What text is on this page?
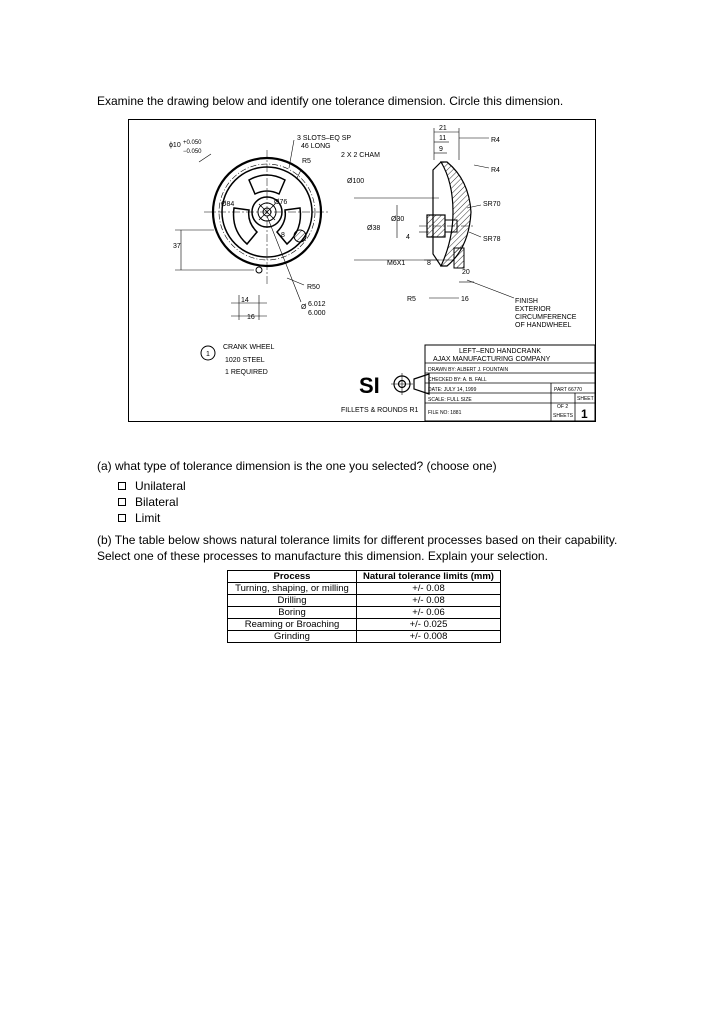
Examine the drawing below and identify one tolerance dimension. Circle this dimension.
ϕ10 +0.050
−0.050
3 SLOTS–EQ SP
46 LONG
R5
2 X 2 CHAM
Ø84	Ø76
Ø100
Ø30
Ø38
4
M6X1	8
8
37
R50
14
16
Ø 6.012
6.000
21
11
9
R4
R4
SR70
SR78
20
R5	16	FINISH
EXTERIOR
CIRCUMFERENCE
OF HANDWHEEL
1
CRANK WHEEL
1020 STEEL
1 REQUIRED
SI
FILLETS & ROUNDS R1
LEFT–END HANDCRANK
AJAX MANUFACTURING COMPANY
DRAWN BY: ALBERT J. FOUNTAIN
CHECKED BY: A. B. FALL
DATE: JULY 14, 1999	PART 66770
SCALE: FULL SIZE	SHEET
OF 2
SHEETS 1
FILE NO: 1881
(a) what type of tolerance dimension is the one you selected? (choose one)
Unilateral
Bilateral
Limit
(b) The table below shows natural tolerance limits for different processes based on their capability.
Select one of these processes to manufacture this dimension. Explain your selection.
Process	Natural tolerance limits (mm)
Turning, shaping, or milling	+/- 0.08
Drilling	+/- 0.08
Boring	+/- 0.06
Reaming or Broaching	+/- 0.025
Grinding	+/- 0.008
